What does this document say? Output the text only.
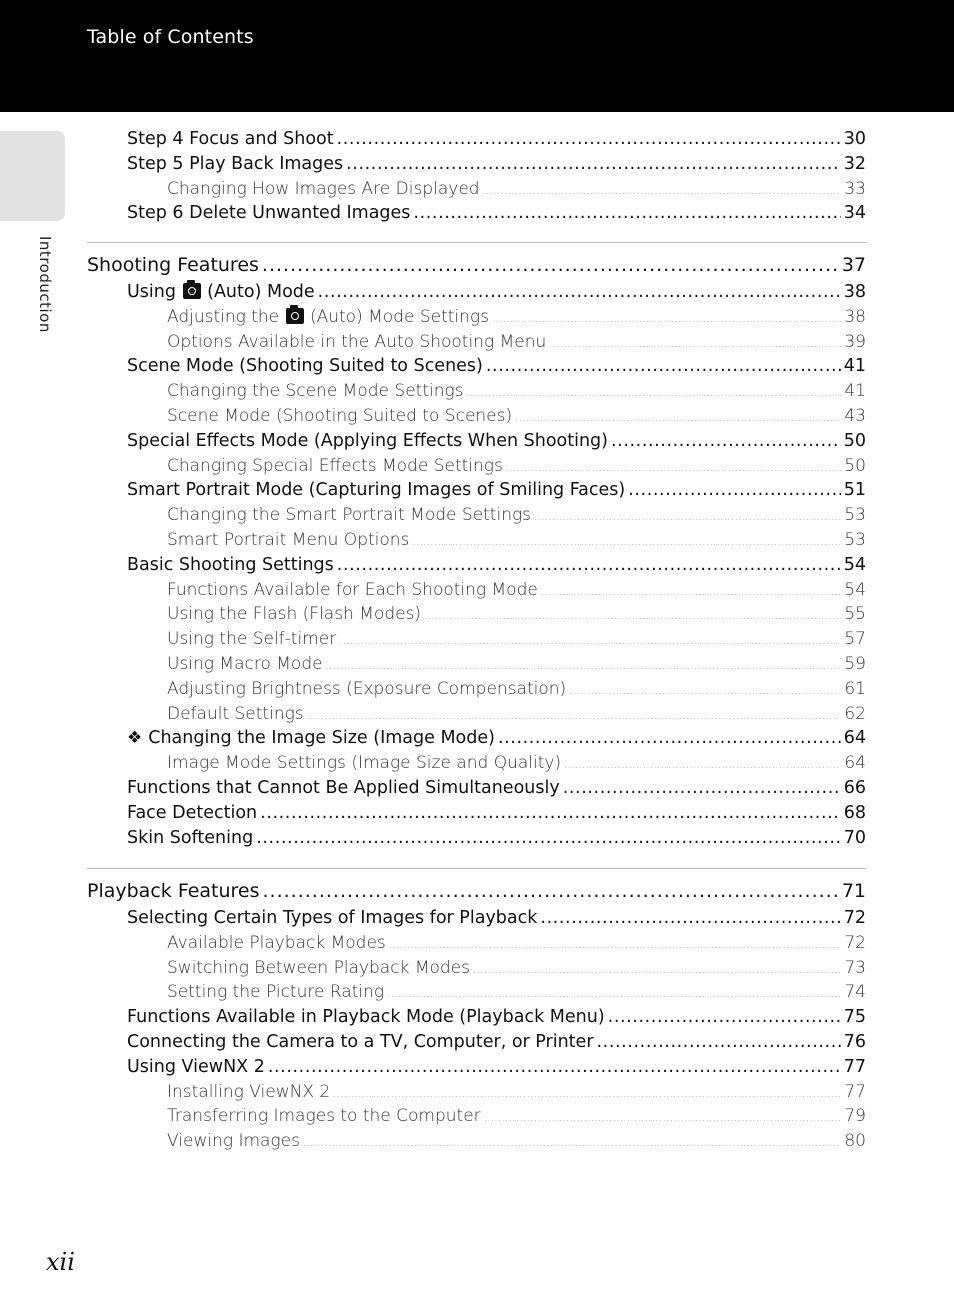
Table of Contents
Introduction
Step 4 Focus and Shoot .....	30
Step 5 Play Back Images .....	32
Changing How Images Are Displayed .....	33
Step 6 Delete Unwanted Images .....	34
Shooting Features .....	37
Using  (Auto) Mode .....	38
Adjusting the  (Auto) Mode Settings .....	38
Options Available in the Auto Shooting Menu .....	39
Scene Mode (Shooting Suited to Scenes) .....	41
Changing the Scene Mode Settings .....	41
Scene Mode (Shooting Suited to Scenes) .....	43
Special Effects Mode (Applying Effects When Shooting) .....	50
Changing Special Effects Mode Settings .....	50
Smart Portrait Mode (Capturing Images of Smiling Faces) .....	51
Changing the Smart Portrait Mode Settings .....	53
Smart Portrait Menu Options .....	53
Basic Shooting Settings .....	54
Functions Available for Each Shooting Mode .....	54
Using the Flash (Flash Modes) .....	55
Using the Self-timer .....	57
Using Macro Mode .....	59
Adjusting Brightness (Exposure Compensation) .....	61
Default Settings .....	62
❖ Changing the Image Size (Image Mode) .....	64
Image Mode Settings (Image Size and Quality) .....	64
Functions that Cannot Be Applied Simultaneously .....	66
Face Detection .....	68
Skin Softening .....	70
Playback Features .....	71
Selecting Certain Types of Images for Playback .....	72
Available Playback Modes .....	72
Switching Between Playback Modes .....	73
Setting the Picture Rating .....	74
Functions Available in Playback Mode (Playback Menu) .....	75
Connecting the Camera to a TV, Computer, or Printer .....	76
Using ViewNX 2 .....	77
Installing ViewNX 2 .....	77
Transferring Images to the Computer .....	79
Viewing Images .....	80
xii
